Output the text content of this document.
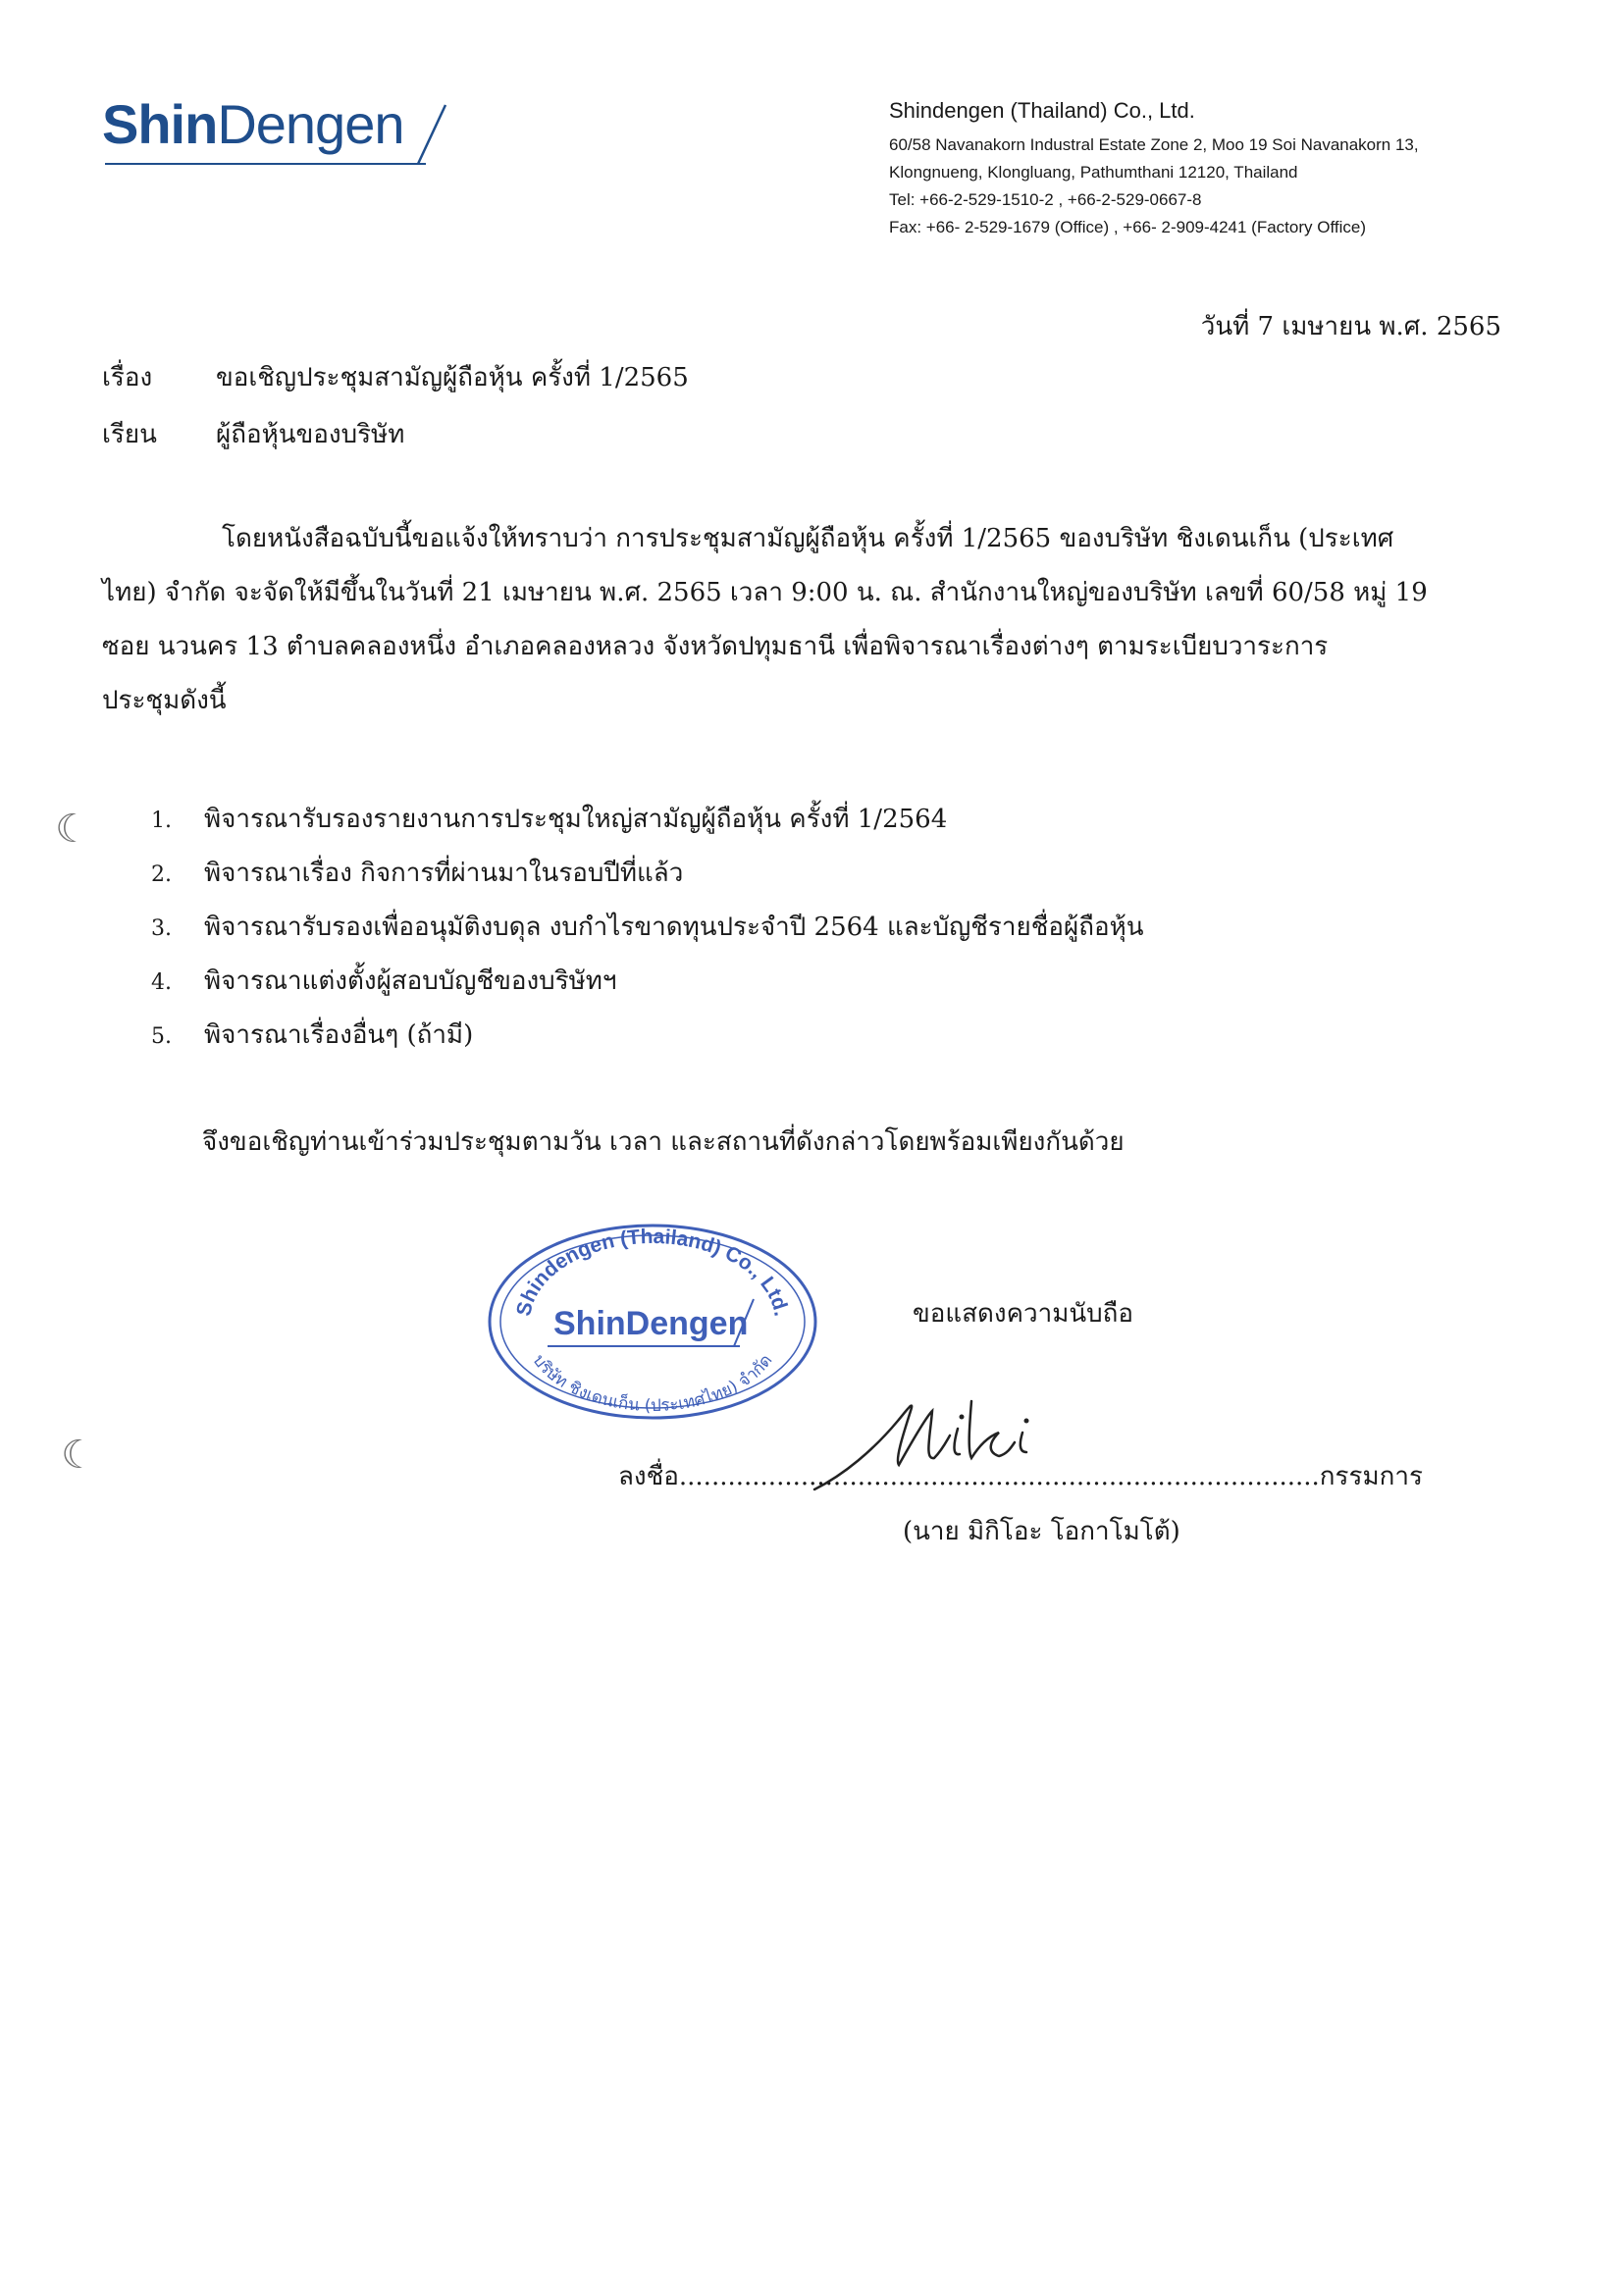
ShinDengen	Shindengen (Thailand) Co., Ltd.
60/58 Navanakorn Industral Estate Zone 2, Moo 19 Soi Navanakorn 13,
Klongnueng, Klongluang, Pathumthani 12120, Thailand
Tel: +66-2-529-1510-2 , +66-2-529-0667-8
Fax: +66- 2-529-1679 (Office) , +66- 2-909-4241 (Factory Office)
วันที่ 7 เมษายน พ.ศ. 2565
เรื่อง ขอเชิญประชุมสามัญผู้ถือหุ้น ครั้งที่ 1/2565
เรียน ผู้ถือหุ้นของบริษัท
โดยหนังสือฉบับนี้ขอแจ้งให้ทราบว่า การประชุมสามัญผู้ถือหุ้น ครั้งที่ 1/2565 ของบริษัท ชิงเดนเก็น (ประเทศ
ไทย) จำกัด จะจัดให้มีขึ้นในวันที่ 21 เมษายน พ.ศ. 2565 เวลา 9:00 น. ณ. สำนักงานใหญ่ของบริษัท เลขที่ 60/58 หมู่ 19
ซอย นวนคร 13 ตำบลคลองหนึ่ง อำเภอคลองหลวง จังหวัดปทุมธานี เพื่อพิจารณาเรื่องต่างๆ ตามระเบียบวาระการ
ประชุมดังนี้
1. พิจารณารับรองรายงานการประชุมใหญ่สามัญผู้ถือหุ้น ครั้งที่ 1/2564
2. พิจารณาเรื่อง กิจการที่ผ่านมาในรอบปีที่แล้ว
3. พิจารณารับรองเพื่ออนุมัติงบดุล งบกำไรขาดทุนประจำปี 2564 และบัญชีรายชื่อผู้ถือหุ้น
4. พิจารณาแต่งตั้งผู้สอบบัญชีของบริษัทฯ
5. พิจารณาเรื่องอื่นๆ (ถ้ามี)
จึงขอเชิญท่านเข้าร่วมประชุมตามวัน เวลา และสถานที่ดังกล่าวโดยพร้อมเพียงกันด้วย
Shindengen (Thailand) Co., Ltd.
บริษัท ชิงเดนเก็น (ประเทศไทย) จำกัด
ShinDengen	ขอแสดงความนับถือ
ลงชื่อ...............................................................................กรรมการ
(นาย มิกิโอะ โอกาโมโต้)
☾
☾
